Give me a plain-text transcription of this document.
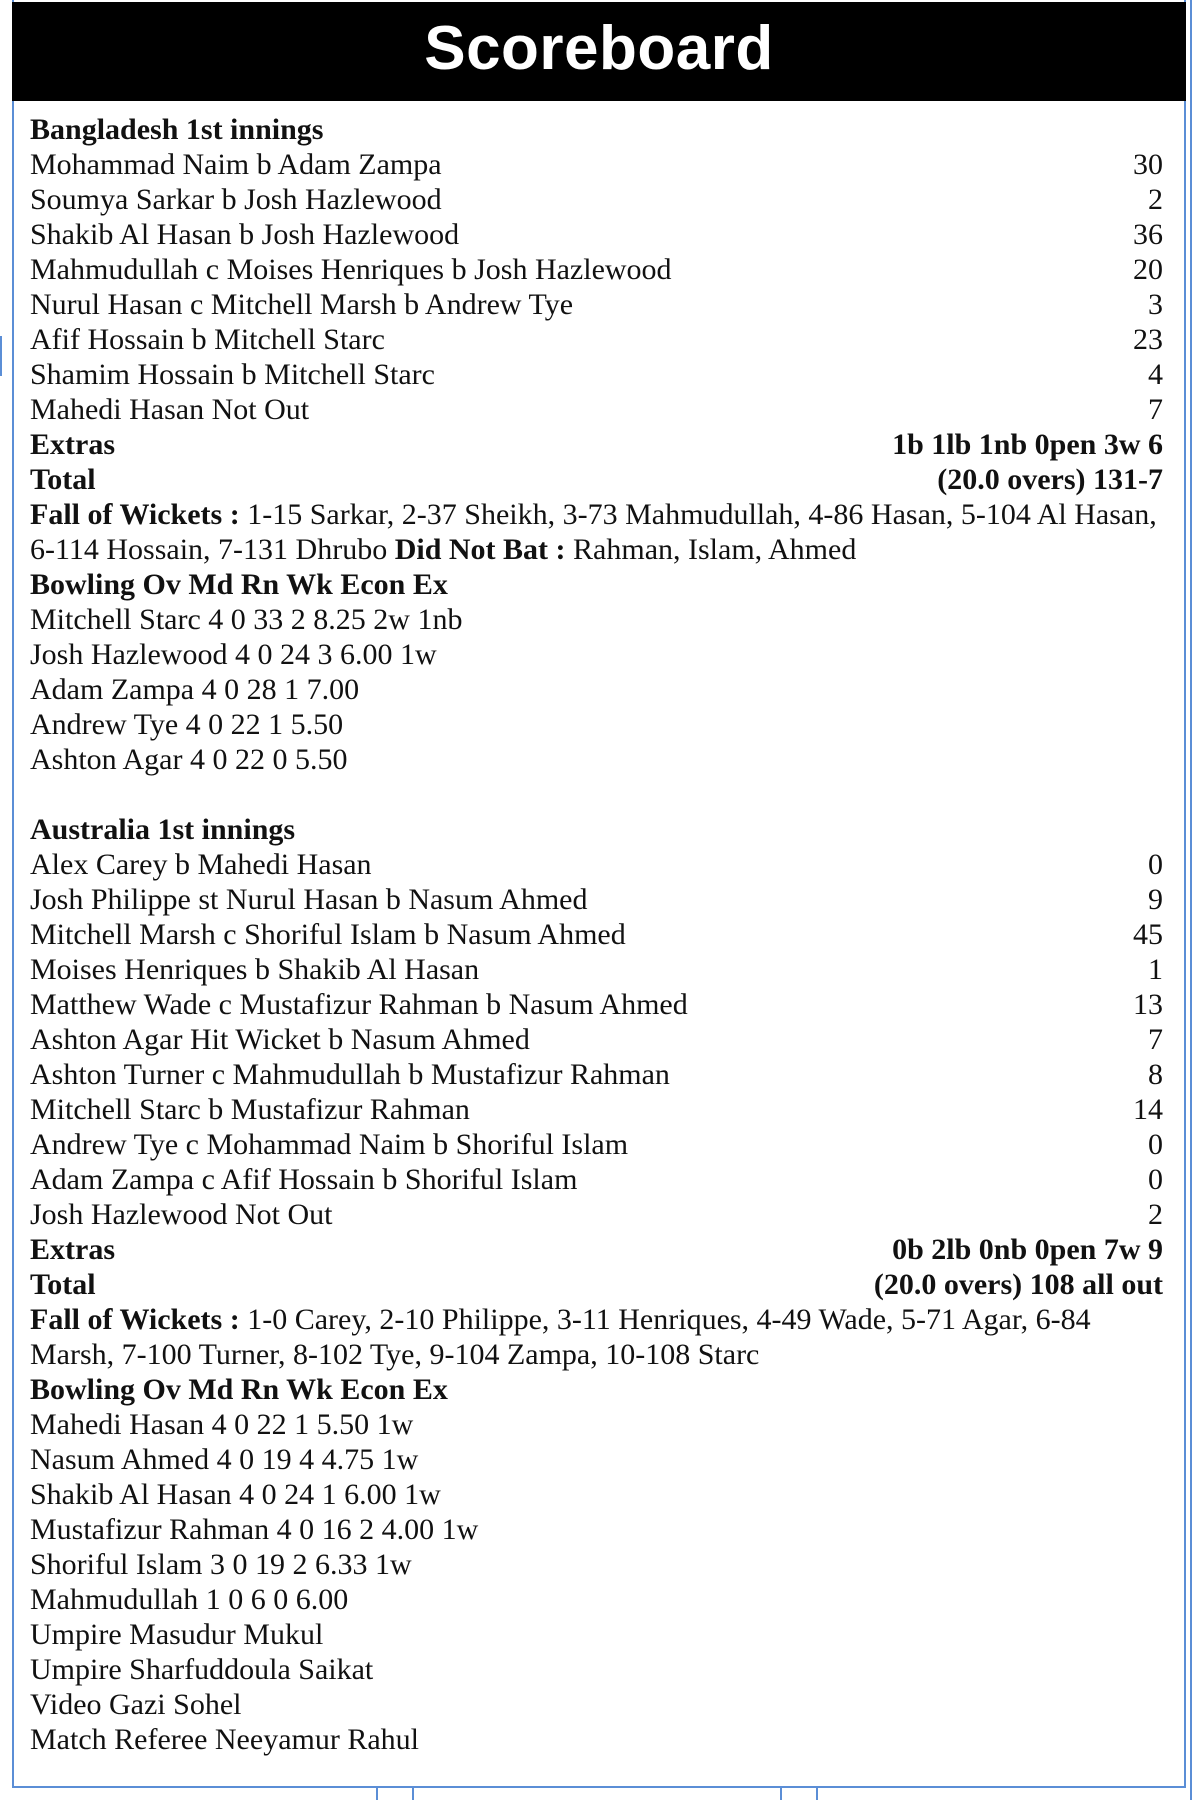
Scoreboard
Bangladesh 1st innings
Mohammad Naim b Adam Zampa	30
Soumya Sarkar b Josh Hazlewood	2
Shakib Al Hasan b Josh Hazlewood	36
Mahmudullah c Moises Henriques b Josh Hazlewood	20
Nurul Hasan c Mitchell Marsh b Andrew Tye	3
Afif Hossain b Mitchell Starc	23
Shamim Hossain b Mitchell Starc	4
Mahedi Hasan Not Out	7
Extras	1b 1lb 1nb 0pen 3w 6
Total	(20.0 overs) 131-7
Fall of Wickets : 1-15 Sarkar, 2-37 Sheikh, 3-73 Mahmudullah, 4-86 Hasan, 5-104 Al Hasan, 6-114 Hossain, 7-131 Dhrubo Did Not Bat : Rahman, Islam, Ahmed
Bowling Ov Md Rn Wk Econ Ex
Mitchell Starc 4 0 33 2 8.25 2w 1nb
Josh Hazlewood 4 0 24 3 6.00 1w
Adam Zampa 4 0 28 1 7.00
Andrew Tye 4 0 22 1 5.50
Ashton Agar 4 0 22 0 5.50
Australia 1st innings
Alex Carey b Mahedi Hasan	0
Josh Philippe st Nurul Hasan b Nasum Ahmed	9
Mitchell Marsh c Shoriful Islam b Nasum Ahmed	45
Moises Henriques b Shakib Al Hasan	1
Matthew Wade c Mustafizur Rahman b Nasum Ahmed	13
Ashton Agar Hit Wicket b Nasum Ahmed	7
Ashton Turner c Mahmudullah b Mustafizur Rahman	8
Mitchell Starc b Mustafizur Rahman	14
Andrew Tye c Mohammad Naim b Shoriful Islam	0
Adam Zampa c Afif Hossain b Shoriful Islam	0
Josh Hazlewood Not Out	2
Extras	0b 2lb 0nb 0pen 7w 9
Total	(20.0 overs) 108 all out
Fall of Wickets : 1-0 Carey, 2-10 Philippe, 3-11 Henriques, 4-49 Wade, 5-71 Agar, 6-84 Marsh, 7-100 Turner, 8-102 Tye, 9-104 Zampa, 10-108 Starc
Bowling Ov Md Rn Wk Econ Ex
Mahedi Hasan 4 0 22 1 5.50 1w
Nasum Ahmed 4 0 19 4 4.75 1w
Shakib Al Hasan 4 0 24 1 6.00 1w
Mustafizur Rahman 4 0 16 2 4.00 1w
Shoriful Islam 3 0 19 2 6.33 1w
Mahmudullah 1 0 6 0 6.00
Umpire Masudur Mukul
Umpire Sharfuddoula Saikat
Video Gazi Sohel
Match Referee Neeyamur Rahul
